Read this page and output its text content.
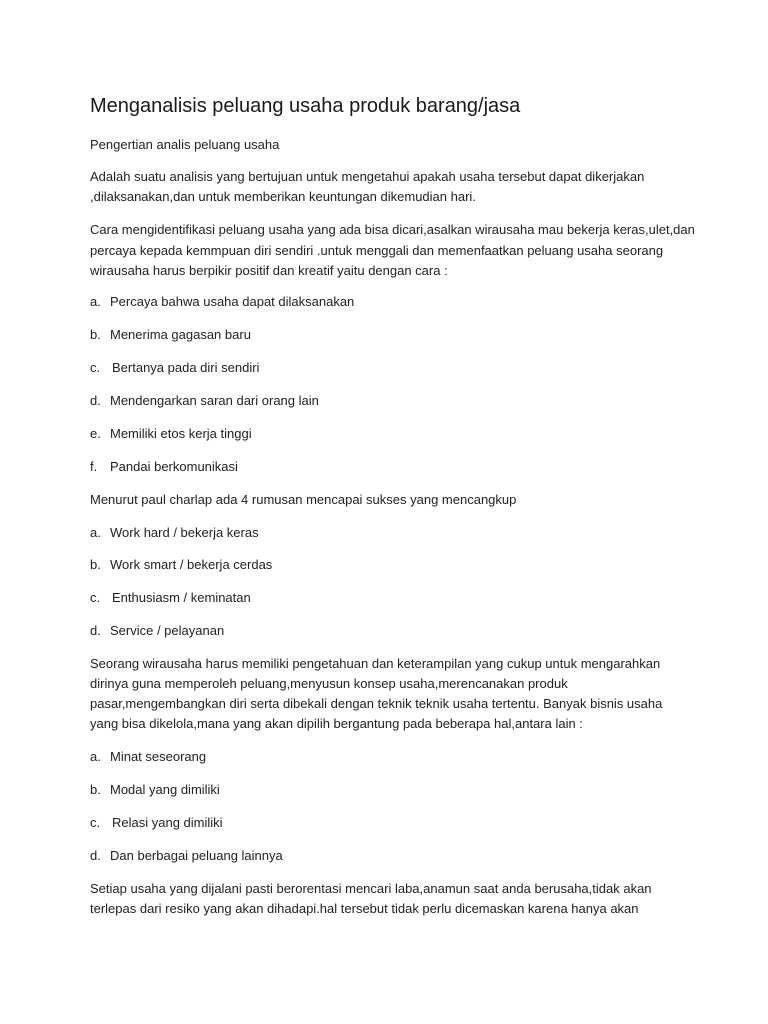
Menganalisis peluang usaha produk barang/jasa

Pengertian analis peluang usaha

Adalah suatu analisis yang bertujuan untuk mengetahui apakah usaha tersebut dapat dikerjakan

,dilaksanakan,dan untuk memberikan keuntungan dikemudian hari.

Cara mengidentifikasi peluang usaha yang ada bisa dicari,asalkan wirausaha mau bekerja keras,ulet,dan

percaya kepada kemmpuan diri sendiri .untuk menggali dan memenfaatkan peluang usaha seorang

wirausaha harus berpikir positif dan kreatif yaitu dengan cara :

a. Percaya bahwa usaha dapat dilaksanakan
b. Menerima gagasan baru
c. Bertanya pada diri sendiri
d. Mendengarkan saran dari orang lain
e. Memiliki etos kerja tinggi
f. Pandai berkomunikasi

Menurut paul charlap ada 4 rumusan mencapai sukses yang mencangkup

a. Work hard / bekerja keras
b. Work smart / bekerja cerdas
c. Enthusiasm / keminatan
d. Service / pelayanan

Seorang wirausaha harus memiliki pengetahuan dan keterampilan yang cukup untuk mengarahkan

dirinya guna memperoleh peluang,menyusun konsep usaha,merencanakan produk

pasar,mengembangkan diri serta dibekali dengan teknik teknik usaha tertentu. Banyak bisnis usaha

yang bisa dikelola,mana yang akan dipilih bergantung pada beberapa hal,antara lain :

a. Minat seseorang
b. Modal yang dimiliki
c. Relasi yang dimiliki
d. Dan berbagai peluang lainnya

Setiap usaha yang dijalani pasti berorentasi mencari laba,anamun saat anda berusaha,tidak akan

terlepas dari resiko yang akan dihadapi.hal tersebut tidak perlu dicemaskan karena hanya akan
